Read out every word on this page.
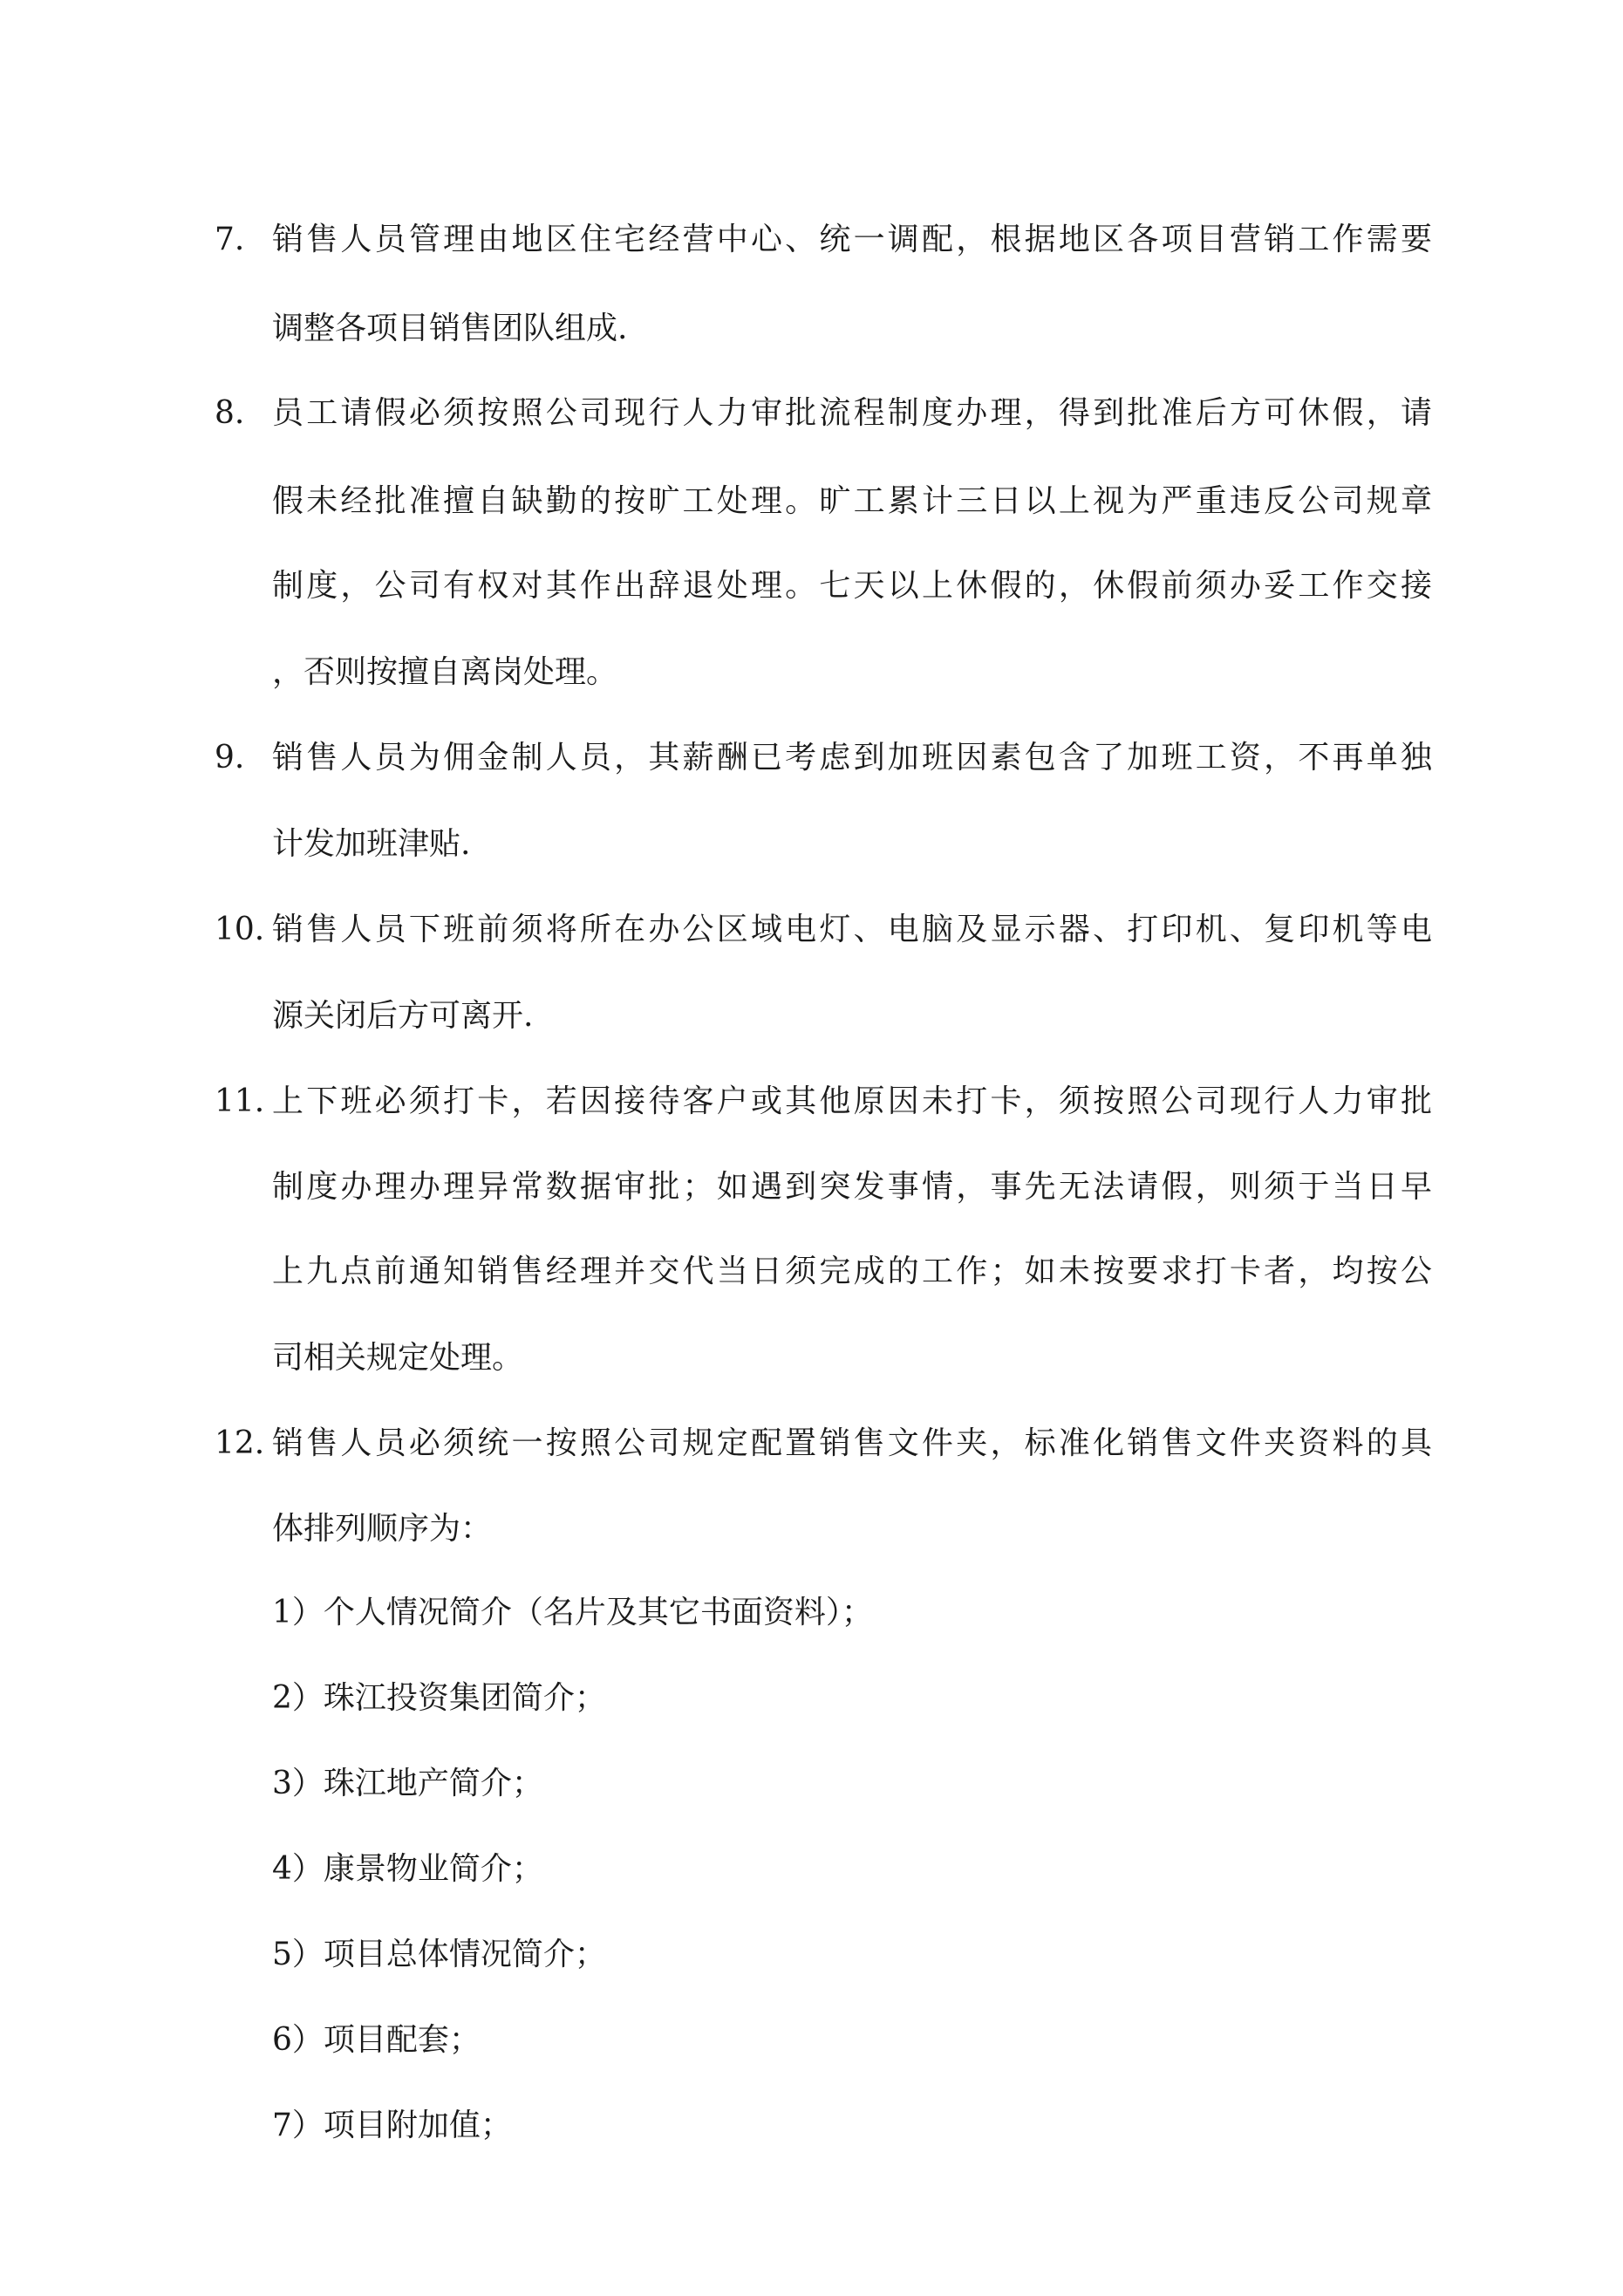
7. 销售人员管理由地区住宅经营中心、统一调配，根据地区各项目营销工作需要
调整各项目销售团队组成.
8. 员工请假必须按照公司现行人力审批流程制度办理，得到批准后方可休假，请
假未经批准擅自缺勤的按旷工处理。旷工累计三日以上视为严重违反公司规章
制度，公司有权对其作出辞退处理。七天以上休假的，休假前须办妥工作交接
，否则按擅自离岗处理。
9. 销售人员为佣金制人员，其薪酬已考虑到加班因素包含了加班工资，不再单独
计发加班津贴.
10. 销售人员下班前须将所在办公区域电灯、电脑及显示器、打印机、复印机等电
源关闭后方可离开.
11. 上下班必须打卡，若因接待客户或其他原因未打卡，须按照公司现行人力审批
制度办理办理异常数据审批；如遇到突发事情，事先无法请假，则须于当日早
上九点前通知销售经理并交代当日须完成的工作；如未按要求打卡者，均按公
司相关规定处理。
12. 销售人员必须统一按照公司规定配置销售文件夹，标准化销售文件夹资料的具
体排列顺序为：
1）个人情况简介（名片及其它书面资料）；
2）珠江投资集团简介；
3）珠江地产简介；
4）康景物业简介；
5）项目总体情况简介；
6）项目配套；
7）项目附加值；
